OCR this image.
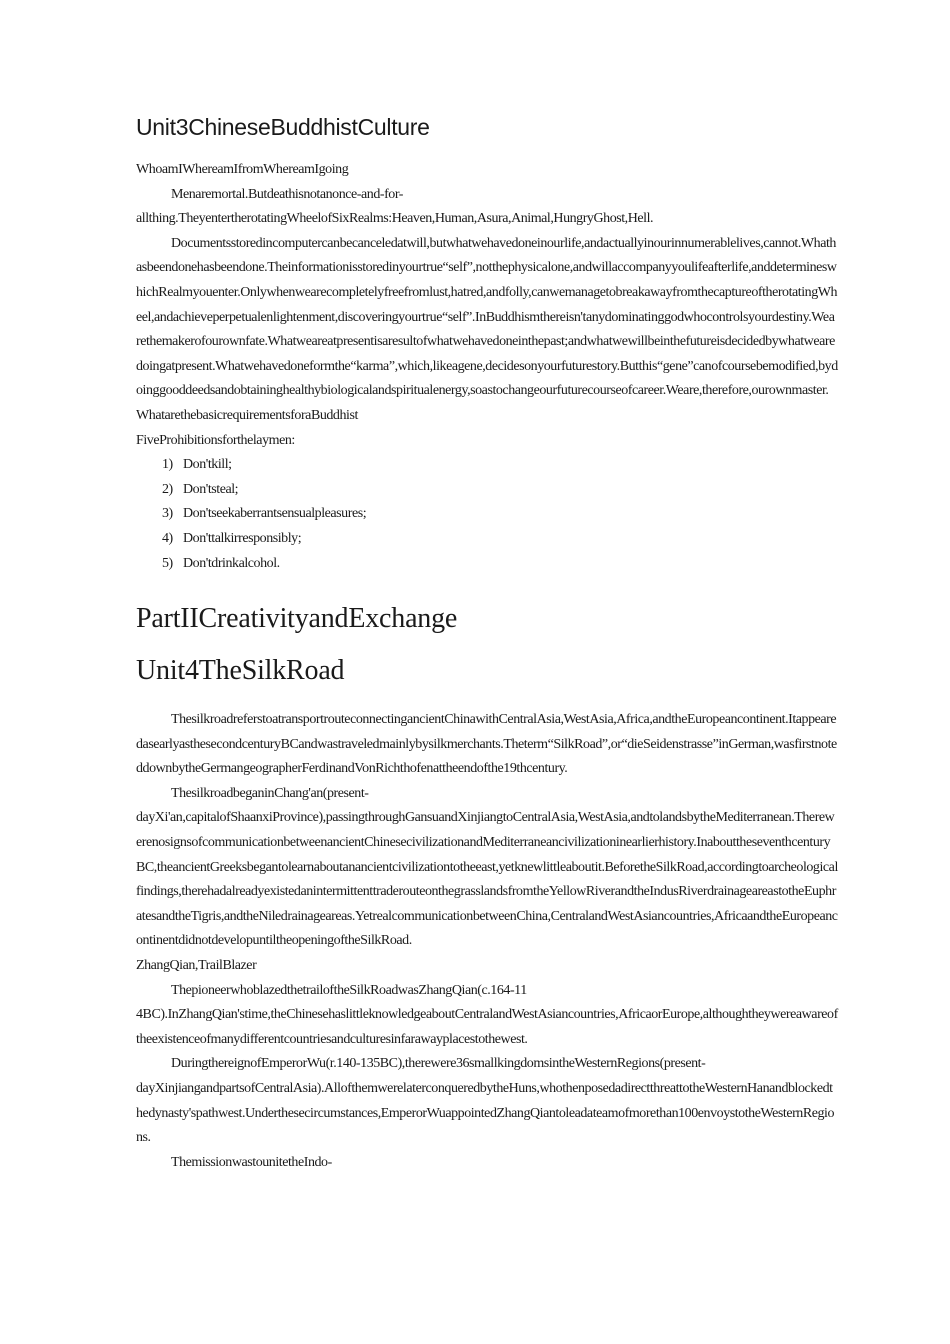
Unit3ChineseBuddhistCulture

WhoamIWhereamIfromWhereamIgoing

Menaremortal.Butdeathisnotanonce-and-for-

allthing.TheyentertherotatingWheelofSixRealms:Heaven,Human,Asura,Animal,HungryGhost,Hell.

Documentsstoredincomputercanbecanceledatwill,butwhatwehavedoneinourlife,andactuallyinourinnumerablelives,cannot.Whathasbeendonehasbeendone.Theinformationisstoredinyourtrue“self”,notthephysicalone,andwillaccompanyyoulifeafterlife,anddetermineswhichRealmyouenter.Onlywhenwearecompletelyfreefromlust,hatred,andfolly,canwemanagetobreakawayfromthecaptureoftherotatingWheel,andachieveperpetualenlightenment,discoveringyourtrue“self”.InBuddhismthereisn'tanydominatinggodwhocontrolsyourdestiny.Wearethemakerofourownfate.Whatweareatpresentisaresultofwhatwehavedoneinthepast;andwhatwewillbeinthefutureisdecidedbywhatwearedoingatpresent.Whatwehavedoneformthe“karma”,which,likeagene,decidesonyourfuturestory.Butthis“gene”canofcoursebemodified,bydoinggooddeedsandobtaininghealthybiologicalandspiritualenergy,soastochangeourfuturecourseofcareer.Weare,therefore,ourownmaster.WhatarethebasicrequirementsforaBuddhist

FiveProhibitionsforthelaymen:

1) Don'tkill;
2) Don'tsteal;
3) Don'tseekaberrantsensualpleasures;
4) Don'ttalkirresponsibly;
5) Don'tdrinkalcohol.
PartIICreativityandExchange
Unit4TheSilkRoad

ThesilkroadreferstoatransportrouteconnectingancientChinawithCentralAsia,WestAsia,Africa,andtheEuropeancontinent.ItappearedasearlyasthesecondcenturyBCandwastraveledmainlybysilkmerchants.Theterm“SilkRoad”,or“dieSeidenstrasse”inGerman,wasfirstnoteddownbytheGermangeographerFerdinandVonRichthofenattheendofthe19thcentury.

ThesilkroadbeganinChang'an(present-

dayXi'an,capitalofShaanxiProvince),passingthroughGansuandXinjiangtoCentralAsia,WestAsia,andtolandsbytheMediterranean.TherewerenosignsofcommunicationbetweenancientChinesecivilizationandMediterraneancivilizationinearlierhistory.InabouttheseventhcenturyBC,theancientGreeksbegantolearnaboutanancientcivilizationtotheeast,yetknewlittleaboutit.BeforetheSilkRoad,accordingtoarcheologicalfindings,therehadalreadyexistedanintermittenttraderouteonthegrasslandsfromtheYellowRiverandtheIndusRiverdrainageareastotheEuphratesandtheTigris,andtheNiledrainageareas.YetrealcommunicationbetweenChina,CentralandWestAsiancountries,AfricaandtheEuropeancontinentdidnotdevelopuntiltheopeningoftheSilkRoad.

ZhangQian,TrailBlazer

ThepioneerwhoblazedthetrailoftheSilkRoadwasZhangQian(c.164-11

4BC).InZhangQian'stime,theChinesehaslittleknowledgeaboutCentralandWestAsiancountries,AfricaorEurope,althoughtheywereawareoftheexistenceofmanydifferentcountriesandculturesinfarawayplacestothewest.

DuringthereignofEmperorWu(r.140-135BC),therewere36smallkingdomsintheWesternRegions(present-

dayXinjiangandpartsofCentralAsia).AllofthemwerelaterconqueredbytheHuns,whothenposedadirectthreattotheWesternHanandblockedthedynasty'spathwest.Underthesecircumstances,EmperorWuappointedZhangQiantoleadateamofmorethan100envoystotheWesternRegions.

ThemissionwastounitetheIndo-
